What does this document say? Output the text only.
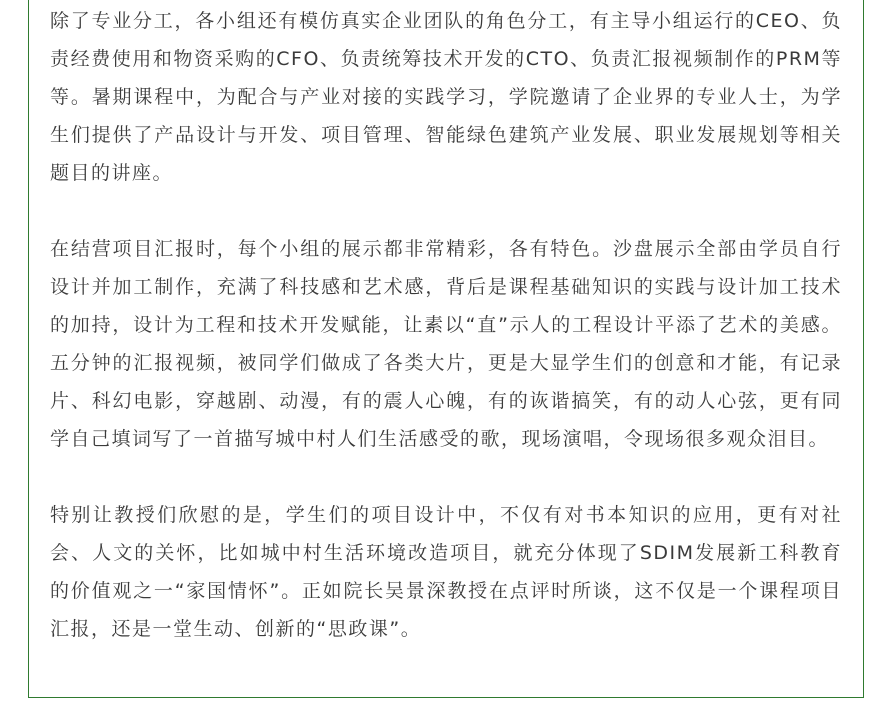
除了专业分工，各小组还有模仿真实企业团队的角色分工，有主导小组运行的CEO、负责经费使用和物资采购的CFO、负责统筹技术开发的CTO、负责汇报视频制作的PRM等等。暑期课程中，为配合与产业对接的实践学习，学院邀请了企业界的专业人士，为学生们提供了产品设计与开发、项目管理、智能绿色建筑产业发展、职业发展规划等相关题目的讲座。

在结营项目汇报时，每个小组的展示都非常精彩，各有特色。沙盘展示全部由学员自行设计并加工制作，充满了科技感和艺术感，背后是课程基础知识的实践与设计加工技术的加持，设计为工程和技术开发赋能，让素以“直”示人的工程设计平添了艺术的美感。五分钟的汇报视频，被同学们做成了各类大片，更是大显学生们的创意和才能，有记录片、科幻电影，穿越剧、动漫，有的震人心魄，有的诙谐搞笑，有的动人心弦，更有同学自己填词写了一首描写城中村人们生活感受的歌，现场演唱，令现场很多观众泪目。

特别让教授们欣慰的是，学生们的项目设计中，不仅有对书本知识的应用，更有对社会、人文的关怀，比如城中村生活环境改造项目，就充分体现了SDIM发展新工科教育的价值观之一“家国情怀”。正如院长吴景深教授在点评时所谈，这不仅是一个课程项目汇报，还是一堂生动、创新的“思政课”。
